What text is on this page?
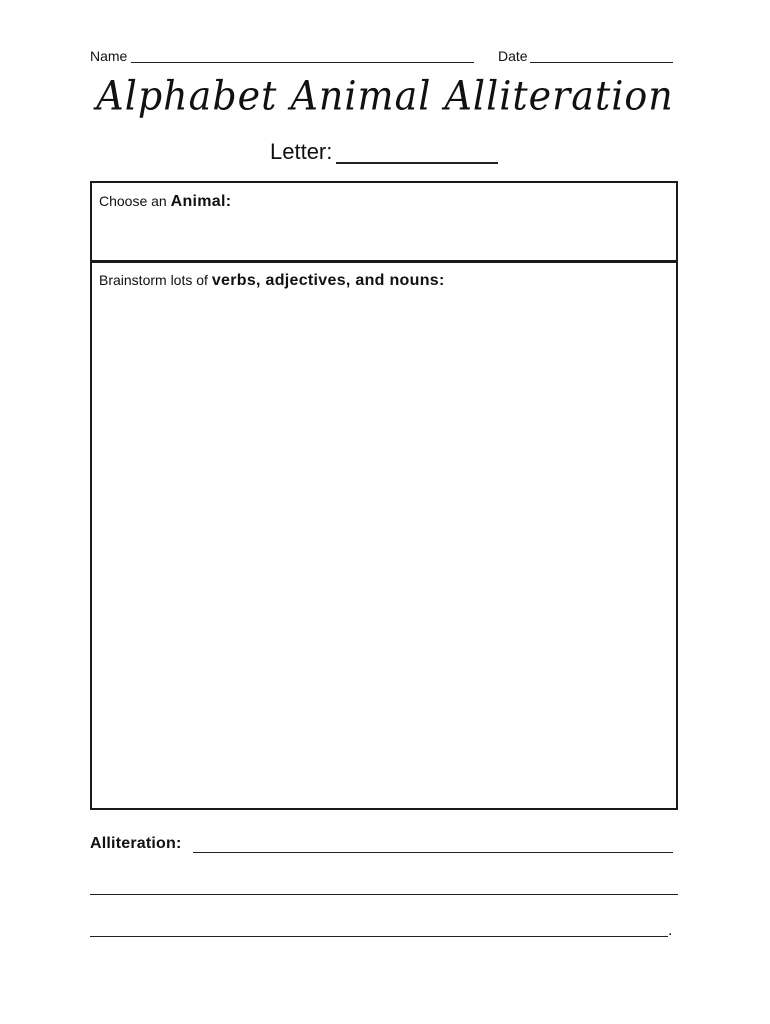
Name	Date
Alphabet Animal Alliteration
Letter:
Choose an Animal:
Brainstorm lots of verbs, adjectives, and nouns:
Alliteration:
.
